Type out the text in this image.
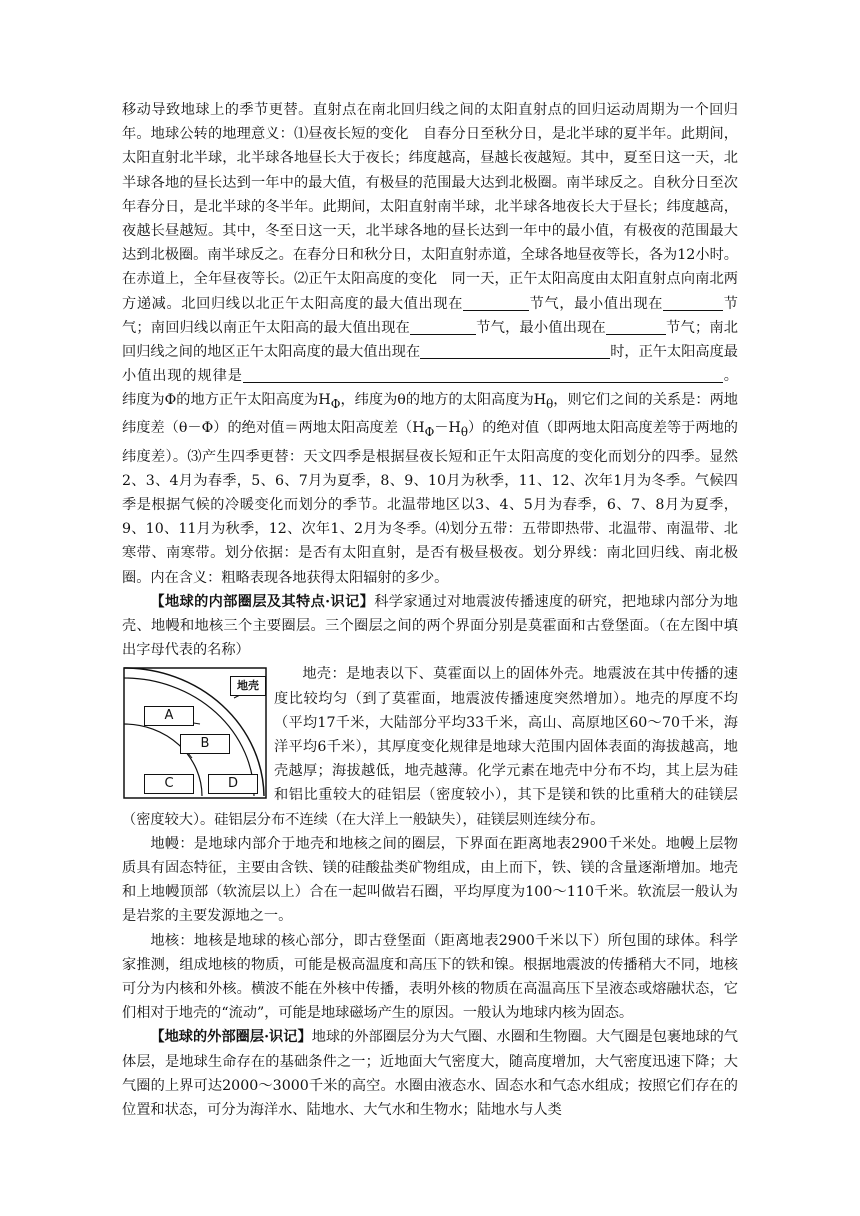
移动导致地球上的季节更替。直射点在南北回归线之间的太阳直射点的回归运动周期为一个回归年。地球公转的地理意义：⑴昼夜长短的变化　自春分日至秋分日，是北半球的夏半年。此期间，太阳直射北半球，北半球各地昼长大于夜长；纬度越高，昼越长夜越短。其中，夏至日这一天，北半球各地的昼长达到一年中的最大值，有极昼的范围最大达到北极圈。南半球反之。自秋分日至次年春分日，是北半球的冬半年。此期间，太阳直射南半球，北半球各地夜长大于昼长；纬度越高，夜越长昼越短。其中，冬至日这一天，北半球各地的昼长达到一年中的最小值，有极夜的范围最大达到北极圈。南半球反之。在春分日和秋分日，太阳直射赤道，全球各地昼夜等长，各为12小时。在赤道上，全年昼夜等长。⑵正午太阳高度的变化　同一天，正午太阳高度由太阳直射点向南北两方递减。北回归线以北正午太阳高度的最大值出现在	节气，最小值出现在	节气；南回归线以南正午太阳高的最大值出现在	节气，最小值出现在	节气；南北回归线之间的地区正午太阳高度的最大值出现在	时，正午太阳高度最小值出现的规律是	。纬度为Φ的地方正午太阳高度为$H_\Phi$，纬度为θ的地方的太阳高度为$H_\theta$，则它们之间的关系是：两地纬度差（θ－Φ）的绝对值＝两地太阳高度差$(H_\Phi-H_\theta)$的绝对值（即两地太阳高度差等于两地的纬度差）。⑶产生四季更替：天文四季是根据昼夜长短和正午太阳高度的变化而划分的四季。显然2、3、4月为春季，5、6、7月为夏季，8、9、10月为秋季，11、12、次年1月为冬季。气候四季是根据气候的冷暖变化而划分的季节。北温带地区以3、4、5月为春季，6、7、8月为夏季，9、10、11月为秋季，12、次年1、2月为冬季。⑷划分五带：五带即热带、北温带、南温带、北寒带、南寒带。划分依据：是否有太阳直射，是否有极昼极夜。划分界线：南北回归线、南北极圈。内在含义：粗略表现各地获得太阳辐射的多少。

【地球的内部圈层及其特点·识记】科学家通过对地震波传播速度的研究，把地球内部分为地壳、地幔和地核三个主要圈层。三个圈层之间的两个界面分别是莫霍面和古登堡面。（在左图中填出字母代表的名称）

地壳
A
B
C	D

地壳：是地表以下、莫霍面以上的固体外壳。地震波在其中传播的速度比较均匀（到了莫霍面，地震波传播速度突然增加）。地壳的厚度不均（平均17千米，大陆部分平均33千米，高山、高原地区60～70千米，海洋平均6千米），其厚度变化规律是地球大范围内固体表面的海拔越高，地壳越厚；海拔越低，地壳越薄。化学元素在地壳中分布不均，其上层为硅和铝比重较大的硅铝层（密度较小），其下是镁和铁的比重稍大的硅镁层（密度较大）。硅铝层分布不连续（在大洋上一般缺失），硅镁层则连续分布。

地幔：是地球内部介于地壳和地核之间的圈层，下界面在距离地表2900千米处。地幔上层物质具有固态特征，主要由含铁、镁的硅酸盐类矿物组成，由上而下，铁、镁的含量逐渐增加。地壳和上地幔顶部（软流层以上）合在一起叫做岩石圈，平均厚度为100～110千米。软流层一般认为是岩浆的主要发源地之一。

地核：地核是地球的核心部分，即古登堡面（距离地表2900千米以下）所包围的球体。科学家推测，组成地核的物质，可能是极高温度和高压下的铁和镍。根据地震波的传播稍大不同，地核可分为内核和外核。横波不能在外核中传播，表明外核的物质在高温高压下呈液态或熔融状态，它们相对于地壳的“流动”，可能是地球磁场产生的原因。一般认为地球内核为固态。

【地球的外部圈层·识记】地球的外部圈层分为大气圈、水圈和生物圈。大气圈是包裹地球的气体层，是地球生命存在的基础条件之一；近地面大气密度大，随高度增加，大气密度迅速下降；大气圈的上界可达2000～3000千米的高空。水圈由液态水、固态水和气态水组成；按照它们存在的位置和状态，可分为海洋水、陆地水、大气水和生物水；陆地水与人类
